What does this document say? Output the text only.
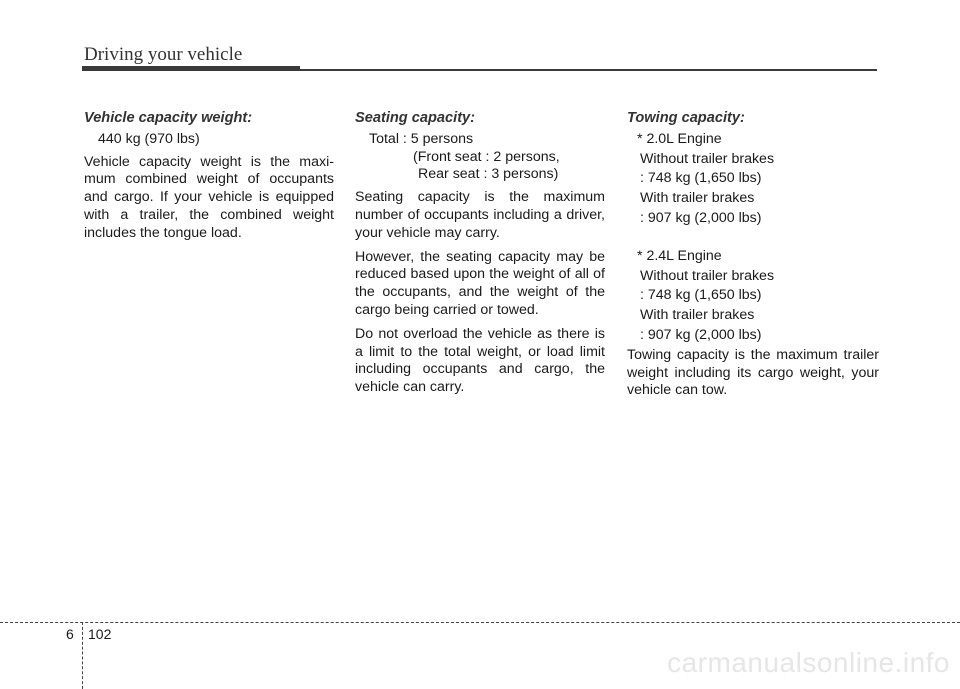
Driving your vehicle

Vehicle capacity weight:

440 kg (970 lbs)

Vehicle capacity weight is the maxi-mum combined weight of occupants and cargo. If your vehicle is equipped with a trailer, the combined weight includes the tongue load.

Seating capacity:

Total : 5 persons

(Front seat : 2 persons,

Rear seat : 3 persons)

Seating capacity is the maximum number of occupants including a driver, your vehicle may carry.

However, the seating capacity may be reduced based upon the weight of all of the occupants, and the weight of the cargo being carried or towed.

Do not overload the vehicle as there is a limit to the total weight, or load limit including occupants and cargo, the vehicle can carry.

Towing capacity:

* 2.0L Engine

Without trailer brakes

: 748 kg (1,650 lbs)

With trailer brakes

: 907 kg (2,000 lbs)

* 2.4L Engine

Without trailer brakes

: 748 kg (1,650 lbs)

With trailer brakes

: 907 kg (2,000 lbs)

Towing capacity is the maximum trailer weight including its cargo weight, your vehicle can tow.

6 102
carmanualsonline.info
